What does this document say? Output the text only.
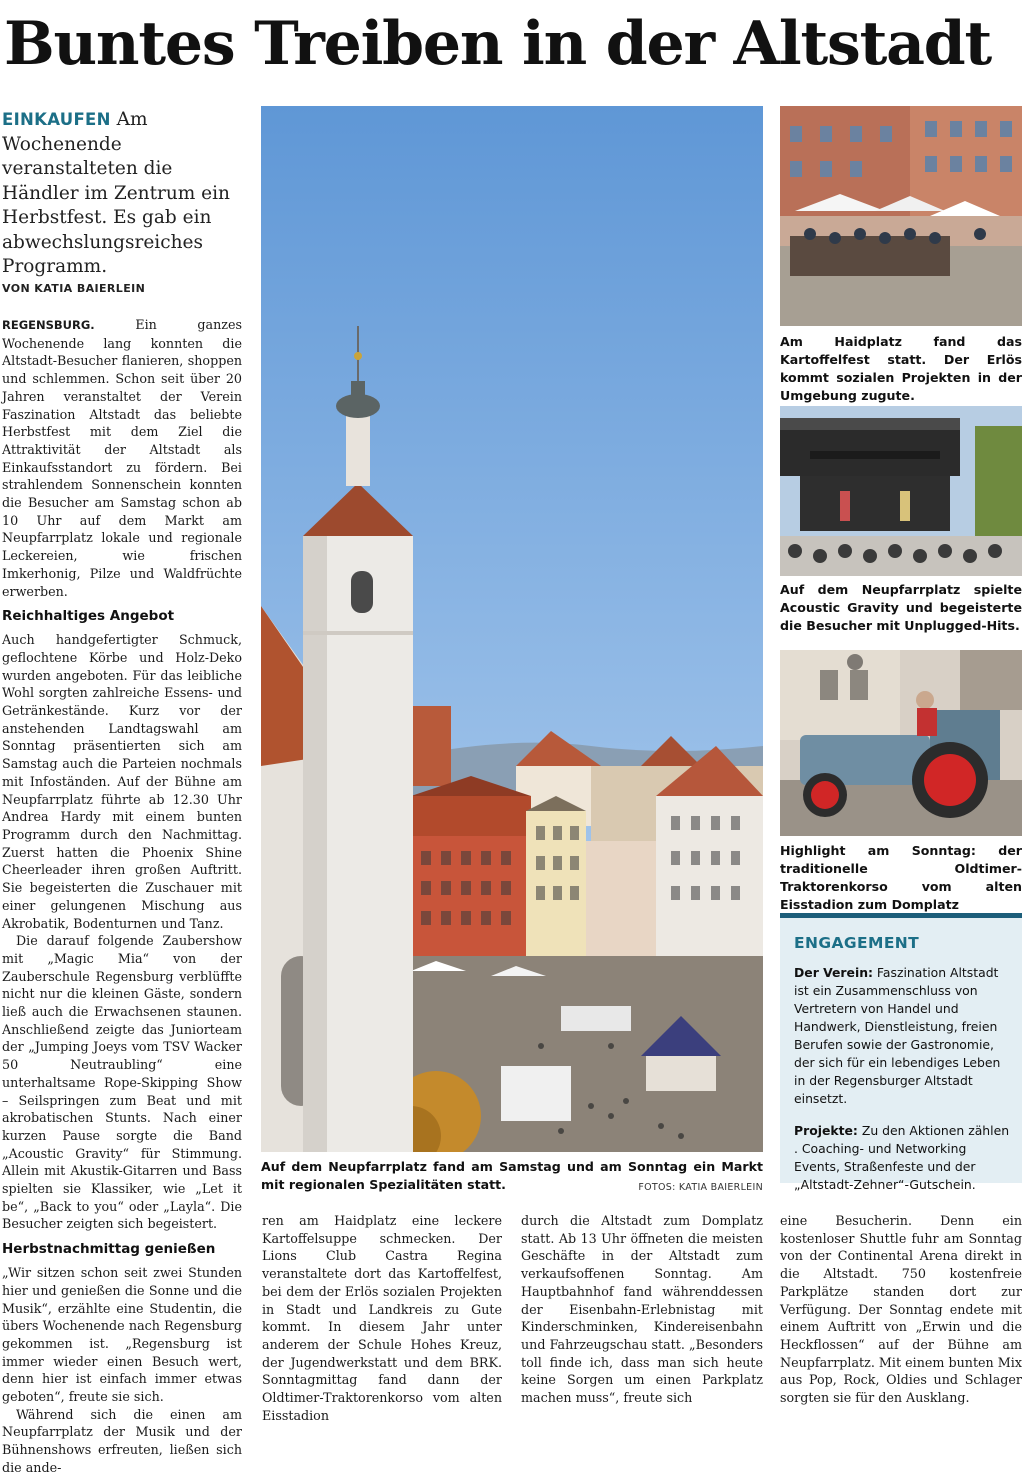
Buntes Treiben in der Altstadt

EINKAUFEN Am Wochenende veranstalteten die Händler im Zentrum ein Herbstfest. Es gab ein abwechslungsreiches Programm.

VON KATIA BAIERLEIN

REGENSBURG. Ein ganzes Wochenende lang konnten die Altstadt-Besucher flanieren, shoppen und schlemmen. Schon seit über 20 Jahren veranstaltet der Verein Faszination Altstadt das beliebte Herbstfest mit dem Ziel die Attraktivität der Altstadt als Einkaufsstandort zu fördern. Bei strahlendem Sonnenschein konnten die Besucher am Samstag schon ab 10 Uhr auf dem Markt am Neupfarrplatz lokale und regionale Leckereien, wie frischen Imkerhonig, Pilze und Waldfrüchte erwerben.

Reichhaltiges Angebot

Auch handgefertigter Schmuck, geflochtene Körbe und Holz-Deko wurden angeboten. Für das leibliche Wohl sorgten zahlreiche Essens- und Getränkestände. Kurz vor der anstehenden Landtagswahl am Sonntag präsentierten sich am Samstag auch die Parteien nochmals mit Infoständen. Auf der Bühne am Neupfarrplatz führte ab 12.30 Uhr Andrea Hardy mit einem bunten Programm durch den Nachmittag. Zuerst hatten die Phoenix Shine Cheerleader ihren großen Auftritt. Sie begeisterten die Zuschauer mit einer gelungenen Mischung aus Akrobatik, Bodenturnen und Tanz.

Die darauf folgende Zaubershow mit „Magic Mia“ von der Zauberschule Regensburg verblüffte nicht nur die kleinen Gäste, sondern ließ auch die Erwachsenen staunen. Anschließend zeigte das Juniorteam der „Jumping Joeys vom TSV Wacker 50 Neutraubling“ eine unterhaltsame Rope-Skipping Show – Seilspringen zum Beat und mit akrobatischen Stunts. Nach einer kurzen Pause sorgte die Band „Acoustic Gravity“ für Stimmung. Allein mit Akustik-Gitarren und Bass spielten sie Klassiker, wie „Let it be“, „Back to you“ oder „Layla“. Die Besucher zeigten sich begeistert.

Herbstnachmittag genießen

„Wir sitzen schon seit zwei Stunden hier und genießen die Sonne und die Musik“, erzählte eine Studentin, die übers Wochenende nach Regensburg gekommen ist. „Regensburg ist immer wieder einen Besuch wert, denn hier ist einfach immer etwas geboten“, freute sie sich.

Während sich die einen am Neupfarrplatz der Musik und der Bühnenshows erfreuten, ließen sich die ande-

ren am Haidplatz eine leckere Kartoffelsuppe schmecken. Der Lions Club Castra Regina veranstaltete dort das Kartoffelfest, bei dem der Erlös sozialen Projekten in Stadt und Landkreis zu Gute kommt. In diesem Jahr unter anderem der Schule Hohes Kreuz, der Jugendwerkstatt und dem BRK. Sonntagmittag fand dann der Oldtimer-Traktorenkorso vom alten Eisstadion

durch die Altstadt zum Domplatz statt. Ab 13 Uhr öffneten die meisten Geschäfte in der Altstadt zum verkaufsoffenen Sonntag. Am Hauptbahnhof fand währenddessen der Eisenbahn-Erlebnistag mit Kinderschminken, Kindereisenbahn und Fahrzeugschau statt. „Besonders toll finde ich, dass man sich heute keine Sorgen um einen Parkplatz machen muss“, freute sich

eine Besucherin. Denn ein kostenloser Shuttle fuhr am Sonntag von der Continental Arena direkt in die Altstadt. 750 kostenfreie Parkplätze standen dort zur Verfügung. Der Sonntag endete mit einem Auftritt von „Erwin und die Heckflossen“ auf der Bühne am Neupfarrplatz. Mit einem bunten Mix aus Pop, Rock, Oldies und Schlager sorgten sie für den Ausklang.

Auf dem Neupfarrplatz fand am Samstag und am Sonntag ein Markt mit regionalen Spezialitäten statt.	FOTOS: KATIA BAIERLEIN
Am Haidplatz fand das Kartoffelfest statt. Der Erlös kommt sozialen Projekten in der Umgebung zugute.
Auf dem Neupfarrplatz spielte Acoustic Gravity und begeisterte die Besucher mit Unplugged-Hits.
Highlight am Sonntag: der traditionelle Oldtimer-Traktorenkorso vom alten Eisstadion zum Domplatz
ENGAGEMENT

Der Verein: Faszination Altstadt ist ein Zusammenschluss von Vertretern von Handel und Handwerk, Dienstleistung, freien Berufen sowie der Gastronomie, der sich für ein lebendiges Leben in der Regensburger Altstadt einsetzt.

Projekte: Zu den Aktionen zählen . Coaching- und Networking Events, Straßenfeste und der „Altstadt-Zehner“-Gutschein.
